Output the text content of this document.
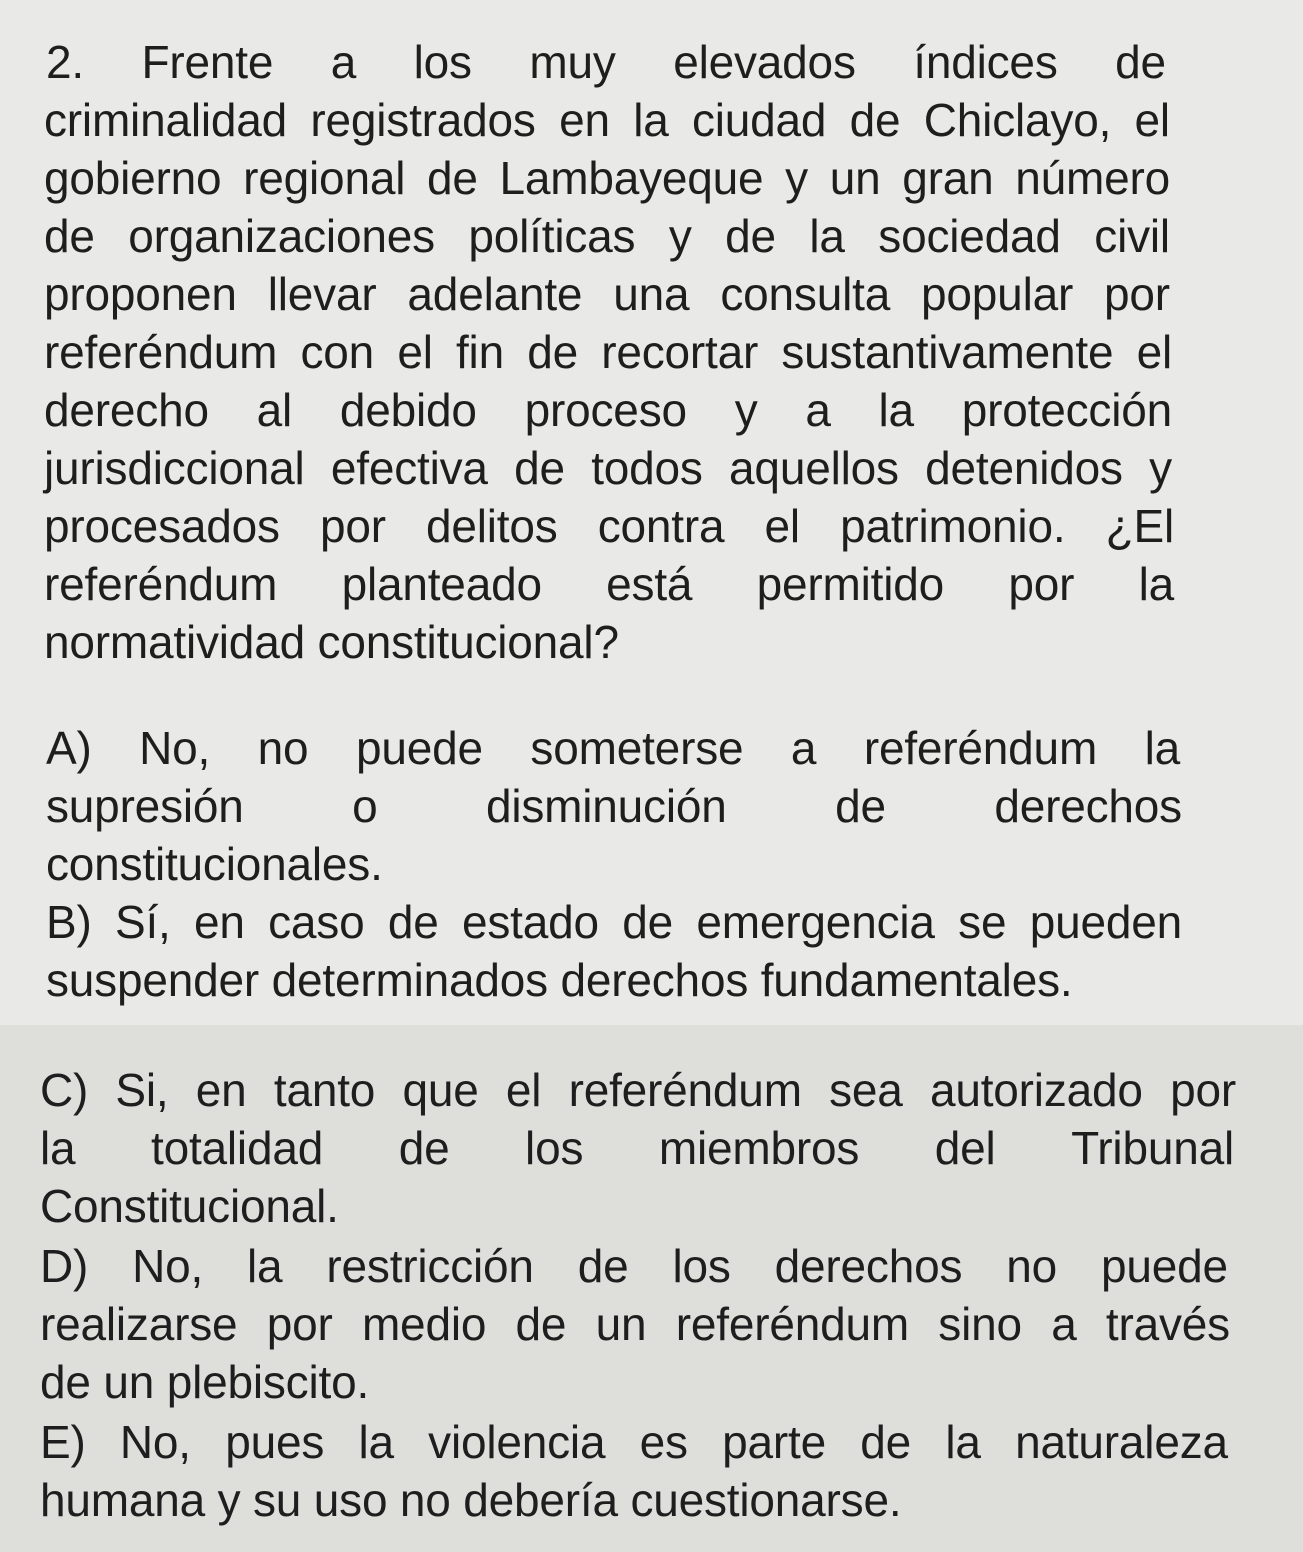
2. Frente a los muy elevados índices de
criminalidad registrados en la ciudad de Chiclayo, el
gobierno regional de Lambayeque y un gran número
de organizaciones políticas y de la sociedad civil
proponen llevar adelante una consulta popular por
referéndum con el fin de recortar sustantivamente el
derecho al debido proceso y a la protección
jurisdiccional efectiva de todos aquellos detenidos y
procesados por delitos contra el patrimonio. ¿El
referéndum planteado está permitido por la
normatividad constitucional?
A) No, no puede someterse a referéndum la
supresión o disminución de derechos
constitucionales.
B) Sí, en caso de estado de emergencia se pueden
suspender determinados derechos fundamentales.
C) Si, en tanto que el referéndum sea autorizado por
la totalidad de los miembros del Tribunal
Constitucional.
D) No, la restricción de los derechos no puede
realizarse por medio de un referéndum sino a través
de un plebiscito.
E) No, pues la violencia es parte de la naturaleza
humana y su uso no debería cuestionarse.
